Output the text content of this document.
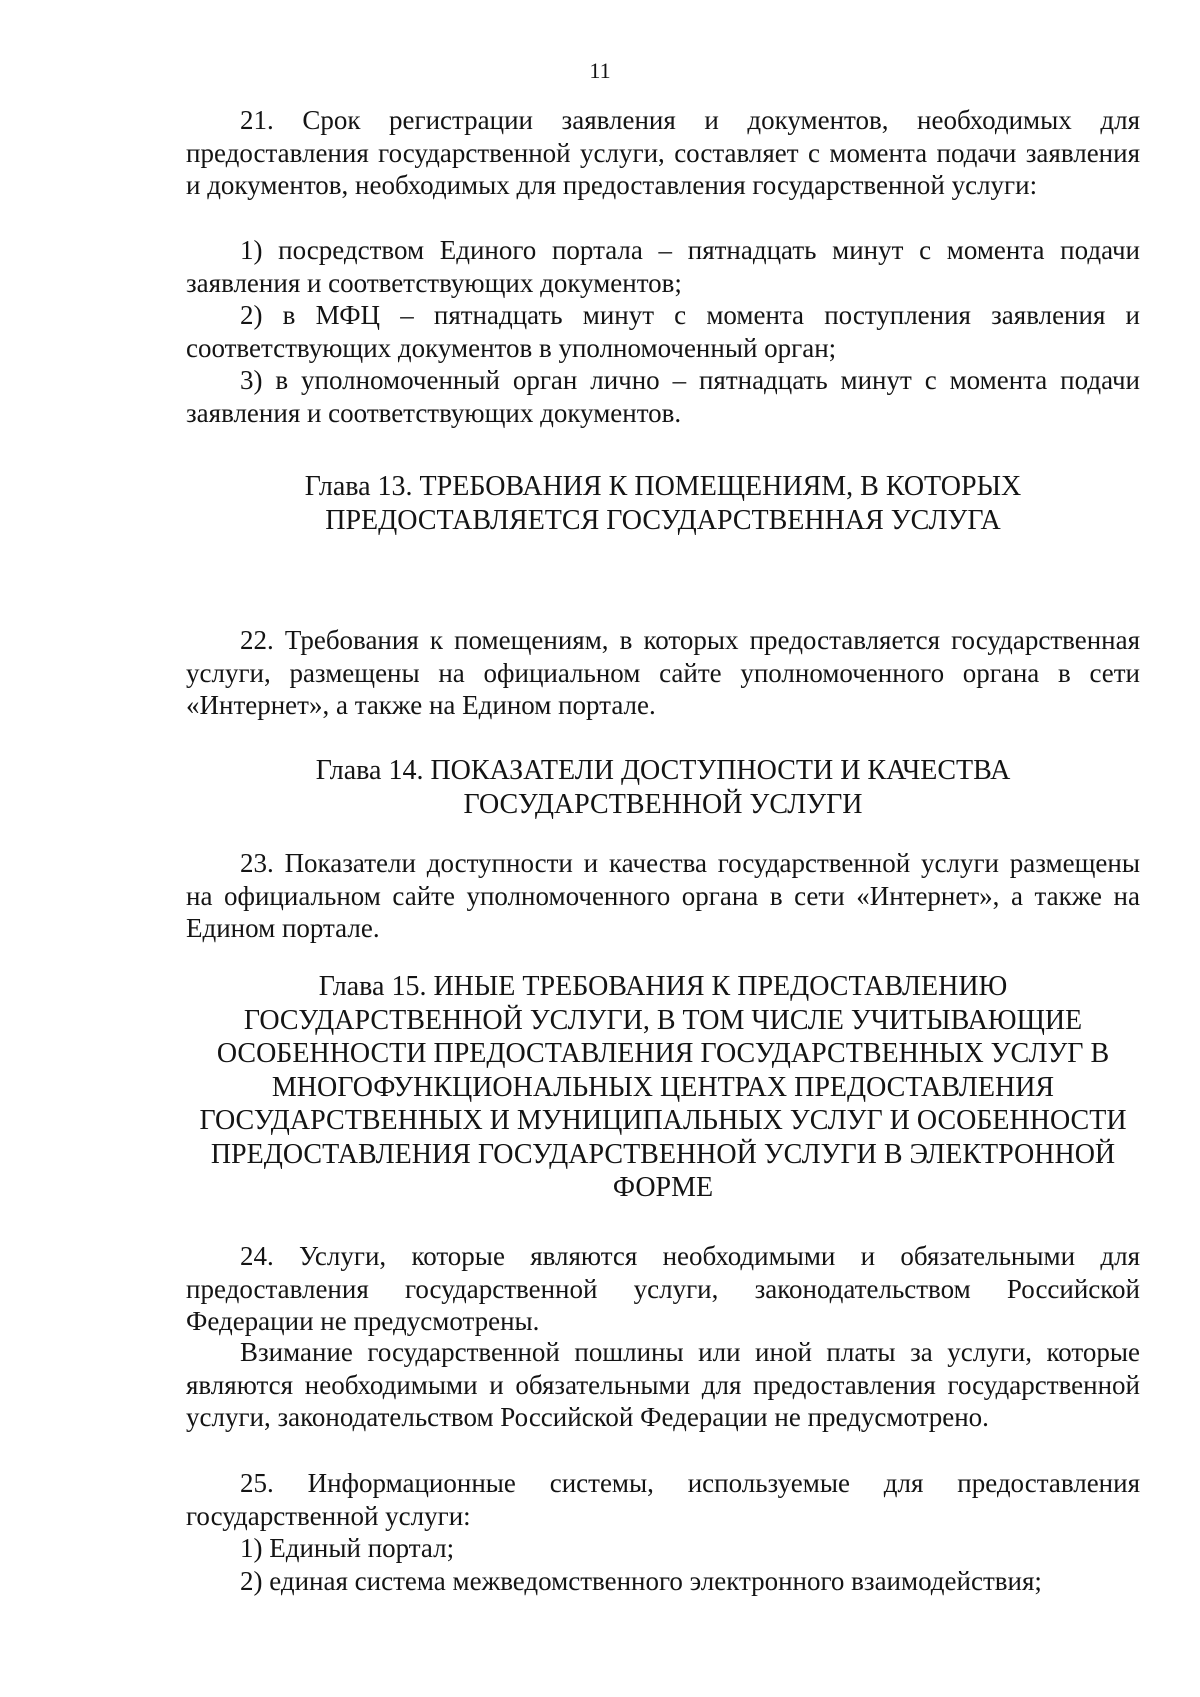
11

21. Срок регистрации заявления и документов, необходимых для предоставления государственной услуги, составляет с момента подачи заявления и документов, необходимых для предоставления государственной услуги:

1) посредством Единого портала – пятнадцать минут с момента подачи заявления и соответствующих документов;

2) в МФЦ – пятнадцать минут с момента поступления заявления и соответствующих документов в уполномоченный орган;

3) в уполномоченный орган лично – пятнадцать минут с момента подачи заявления и соответствующих документов.

Глава 13. ТРЕБОВАНИЯ К ПОМЕЩЕНИЯМ, В КОТОРЫХ
ПРЕДОСТАВЛЯЕТСЯ ГОСУДАРСТВЕННАЯ УСЛУГА

22. Требования к помещениям, в которых предоставляется государственная услуги, размещены на официальном сайте уполномоченного органа в сети «Интернет», а также на Едином портале.

Глава 14. ПОКАЗАТЕЛИ ДОСТУПНОСТИ И КАЧЕСТВА
ГОСУДАРСТВЕННОЙ УСЛУГИ

23. Показатели доступности и качества государственной услуги размещены на официальном сайте уполномоченного органа в сети «Интернет», а также на Едином портале.

Глава 15. ИНЫЕ ТРЕБОВАНИЯ К ПРЕДОСТАВЛЕНИЮ
ГОСУДАРСТВЕННОЙ УСЛУГИ, В ТОМ ЧИСЛЕ УЧИТЫВАЮЩИЕ
ОСОБЕННОСТИ ПРЕДОСТАВЛЕНИЯ ГОСУДАРСТВЕННЫХ УСЛУГ В
МНОГОФУНКЦИОНАЛЬНЫХ ЦЕНТРАХ ПРЕДОСТАВЛЕНИЯ
ГОСУДАРСТВЕННЫХ И МУНИЦИПАЛЬНЫХ УСЛУГ И ОСОБЕННОСТИ
ПРЕДОСТАВЛЕНИЯ ГОСУДАРСТВЕННОЙ УСЛУГИ В ЭЛЕКТРОННОЙ
ФОРМЕ

24. Услуги, которые являются необходимыми и обязательными для предоставления государственной услуги, законодательством Российской Федерации не предусмотрены.

Взимание государственной пошлины или иной платы за услуги, которые являются необходимыми и обязательными для предоставления государственной услуги, законодательством Российской Федерации не предусмотрено.

25. Информационные системы, используемые для предоставления государственной услуги:

1) Единый портал;

2) единая система межведомственного электронного взаимодействия;
